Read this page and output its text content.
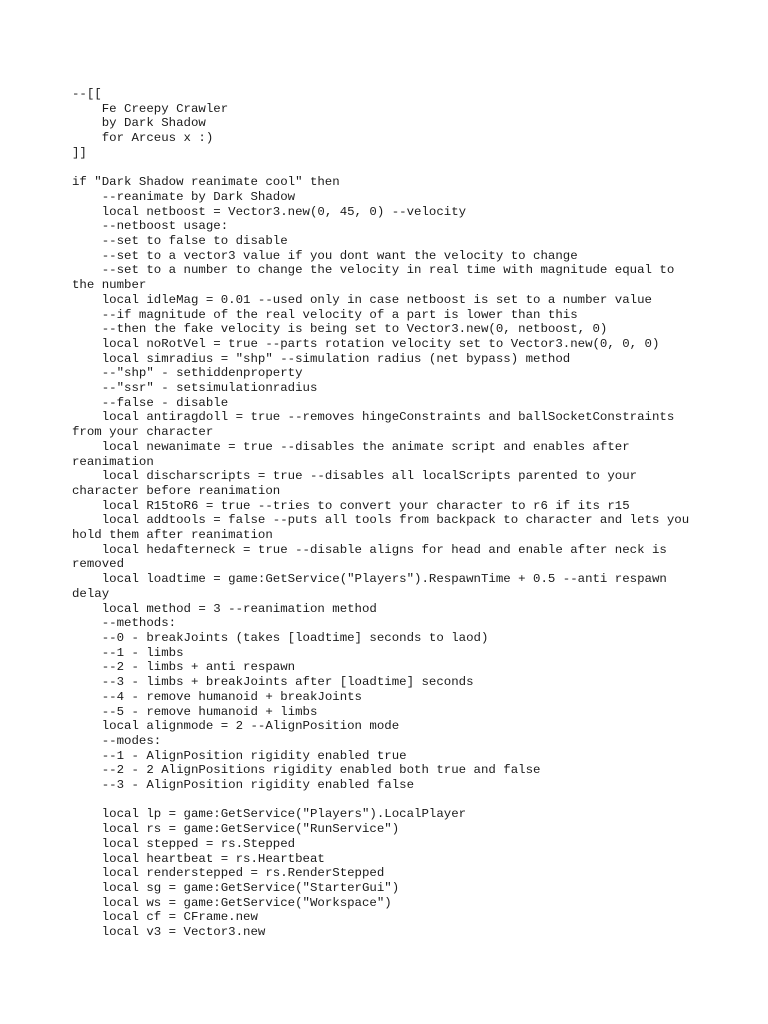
--[[
Fe Creepy Crawler
by Dark Shadow
for Arceus x :)
]]
if "Dark Shadow reanimate cool" then
--reanimate by Dark Shadow
local netboost = Vector3.new(0, 45, 0) --velocity
--netboost usage:
--set to false to disable
--set to a vector3 value if you dont want the velocity to change
--set to a number to change the velocity in real time with magnitude equal to the number
local idleMag = 0.01 --used only in case netboost is set to a number value
--if magnitude of the real velocity of a part is lower than this
--then the fake velocity is being set to Vector3.new(0, netboost, 0)
local noRotVel = true --parts rotation velocity set to Vector3.new(0, 0, 0)
local simradius = "shp" --simulation radius (net bypass) method
--"shp" - sethiddenproperty
--"ssr" - setsimulationradius
--false - disable
local antiragdoll = true --removes hingeConstraints and ballSocketConstraints from your character
local newanimate = true --disables the animate script and enables after reanimation
local discharscripts = true --disables all localScripts parented to your character before reanimation
local R15toR6 = true --tries to convert your character to r6 if its r15
local addtools = false --puts all tools from backpack to character and lets you hold them after reanimation
local hedafterneck = true --disable aligns for head and enable after neck is removed
local loadtime = game:GetService("Players").RespawnTime + 0.5 --anti respawn delay
local method = 3 --reanimation method
--methods:
--0 - breakJoints (takes [loadtime] seconds to laod)
--1 - limbs
--2 - limbs + anti respawn
--3 - limbs + breakJoints after [loadtime] seconds
--4 - remove humanoid + breakJoints
--5 - remove humanoid + limbs
local alignmode = 2 --AlignPosition mode
--modes:
--1 - AlignPosition rigidity enabled true
--2 - 2 AlignPositions rigidity enabled both true and false
--3 - AlignPosition rigidity enabled false
local lp = game:GetService("Players").LocalPlayer
local rs = game:GetService("RunService")
local stepped = rs.Stepped
local heartbeat = rs.Heartbeat
local renderstepped = rs.RenderStepped
local sg = game:GetService("StarterGui")
local ws = game:GetService("Workspace")
local cf = CFrame.new
local v3 = Vector3.new
